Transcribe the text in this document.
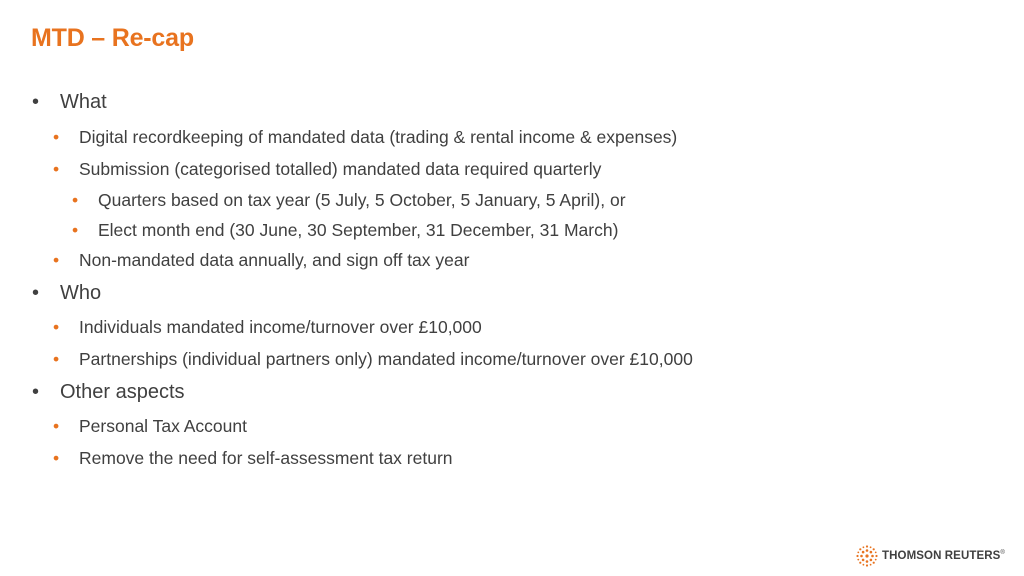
MTD – Re-cap
• What
• Digital recordkeeping of mandated data (trading & rental income & expenses)
• Submission (categorised totalled) mandated data required quarterly
• Quarters based on tax year (5 July, 5 October, 5 January, 5 April), or
• Elect month end (30 June, 30 September, 31 December, 31 March)
• Non-mandated data annually, and sign off tax year
• Who
• Individuals mandated income/turnover over £10,000
• Partnerships (individual partners only) mandated income/turnover over £10,000
• Other aspects
• Personal Tax Account
• Remove the need for self-assessment tax return
THOMSON REUTERS®
